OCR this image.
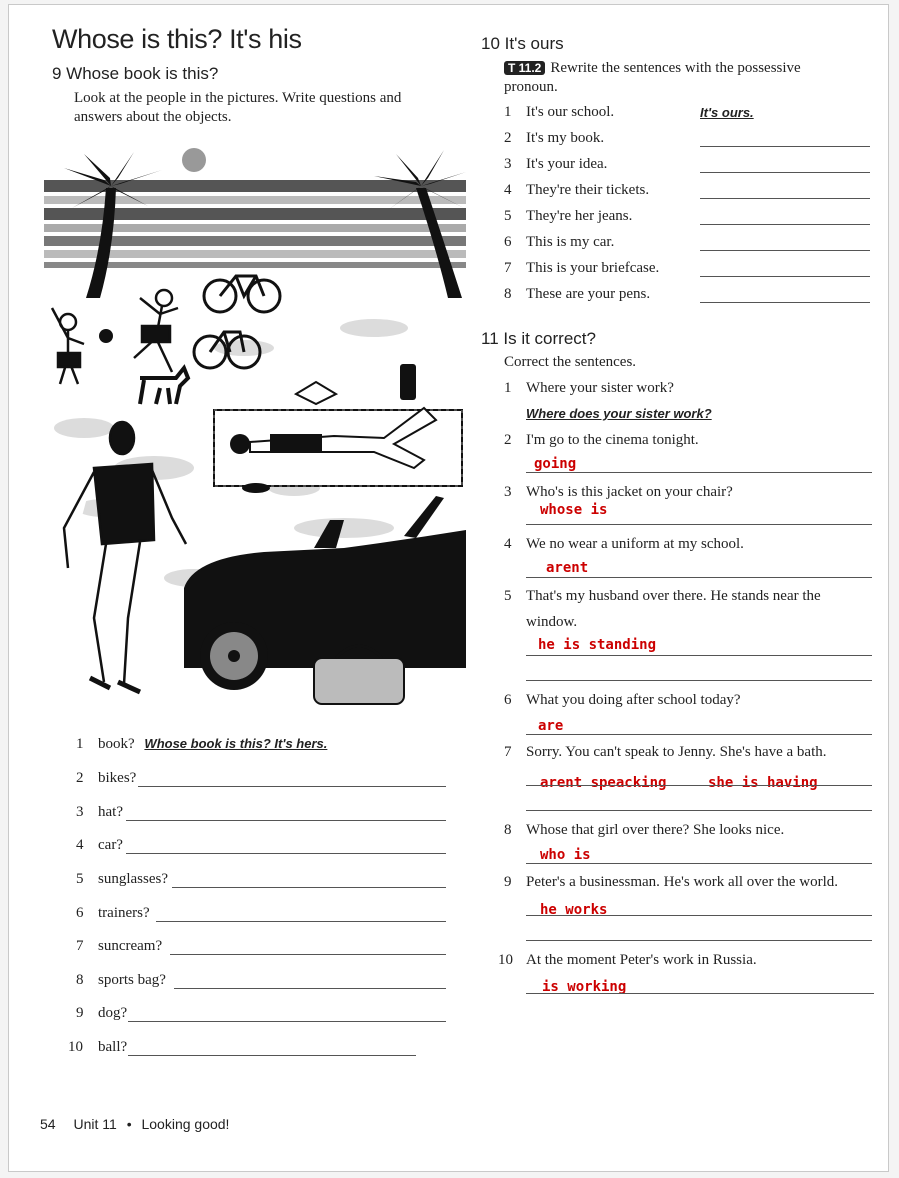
Whose is this? It's his
9 Whose book is this?
Look at the people in the pictures. Write questions and
answers about the objects.
1 book? Whose book is this? It's hers.
2 bikes?
3 hat?
4 car?
5 sunglasses?
6 trainers?
7 suncream?
8 sports bag?
9 dog?
10 ball?
10 It's ours
T 11.2 Rewrite the sentences with the possessive
pronoun.
1 It's our school.	It's ours.
2 It's my book.
3 It's your idea.
4 They're their tickets.
5 They're her jeans.
6 This is my car.
7 This is your briefcase.
8 These are your pens.
11 Is it correct?
Correct the sentences.
1 Where your sister work?
Where does your sister work?
2 I'm go to the cinema tonight.
going
3 Who's is this jacket on your chair?
whose is
4 We no wear a uniform at my school.
arent
5 That's my husband over there. He stands near the
window.
he is standing
6 What you doing after school today?
are
7 Sorry. You can't speak to Jenny. She's have a bath.
arent speacking	she is having
8 Whose that girl over there? She looks nice.
who is
9 Peter's a businessman. He's work all over the world.
he works
10 At the moment Peter's work in Russia.
is working
54 Unit 11 • Looking good!
